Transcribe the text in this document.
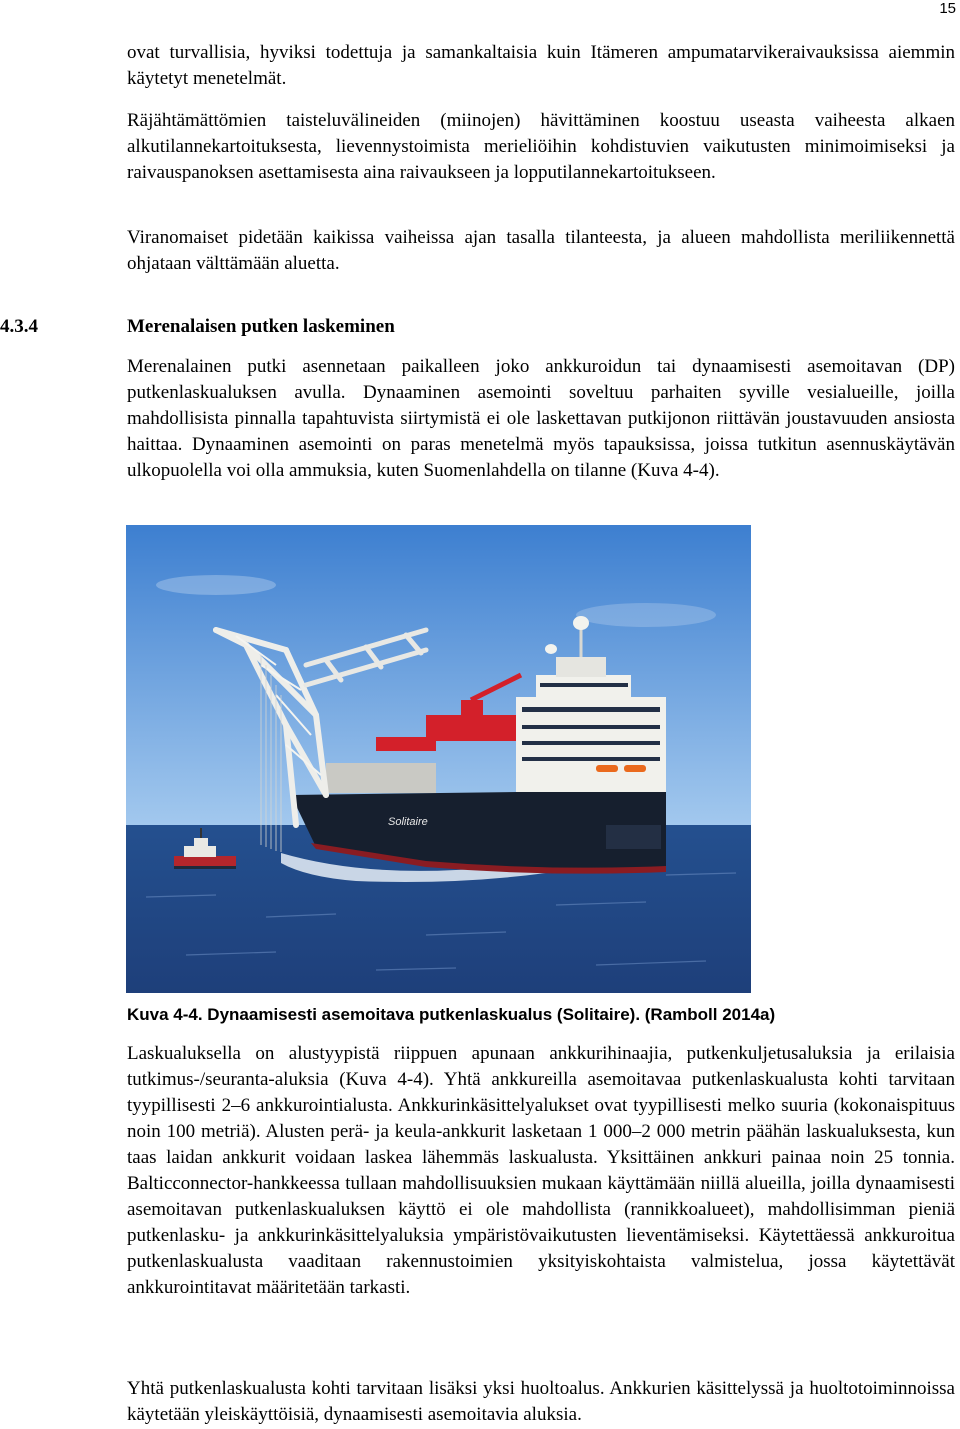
15

ovat turvallisia, hyviksi todettuja ja samankaltaisia kuin Itämeren ampumatarvikeraivauksissa aiemmin käytetyt menetelmät.

Räjähtämättömien taisteluvälineiden (miinojen) hävittäminen koostuu useasta vaiheesta alkaen alkutilannekartoituksesta, lievennystoimista merieliöihin kohdistuvien vaikutusten minimoimiseksi ja raivauspanoksen asettamisesta aina raivaukseen ja lopputilannekartoitukseen.

Viranomaiset pidetään kaikissa vaiheissa ajan tasalla tilanteesta, ja alueen mahdollista meriliikennettä ohjataan välttämään aluetta.

4.3.4	Merenalaisen putken laskeminen

Merenalainen putki asennetaan paikalleen joko ankkuroidun tai dynaamisesti asemoitavan (DP) putkenlaskualuksen avulla. Dynaaminen asemointi soveltuu parhaiten syville vesialueille, joilla mahdollisista pinnalla tapahtuvista siirtymistä ei ole laskettavan putkijonon riittävän joustavuuden ansiosta haittaa. Dynaaminen asemointi on paras menetelmä myös tapauksissa, joissa tutkitun asennuskäytävän ulkopuolella voi olla ammuksia, kuten Suomenlahdella on tilanne (Kuva 4-4).

Solitaire
Kuva 4-4. Dynaamisesti asemoitava putkenlaskualus (Solitaire). (Ramboll 2014a)

Laskualuksella on alustyypistä riippuen apunaan ankkurihinaajia, putkenkuljetusaluksia ja erilaisia tutkimus-/seuranta-aluksia (Kuva 4-4). Yhtä ankkureilla asemoitavaa putkenlaskualusta kohti tarvitaan tyypillisesti 2–6 ankkurointialusta. Ankkurinkäsittelyalukset ovat tyypillisesti melko suuria (kokonaispituus noin 100 metriä). Alusten perä- ja keula-ankkurit lasketaan 1 000–2 000 metrin päähän laskualuksesta, kun taas laidan ankkurit voidaan laskea lähemmäs laskualusta. Yksittäinen ankkuri painaa noin 25 tonnia. Balticconnector-hankkeessa tullaan mahdollisuuksien mukaan käyttämään niillä alueilla, joilla dynaamisesti asemoitavan putkenlaskualuksen käyttö ei ole mahdollista (rannikkoalueet), mahdollisimman pieniä putkenlasku- ja ankkurinkäsittelyaluksia ympäristövaikutusten lieventämiseksi. Käytettäessä ankkuroitua putkenlaskualusta vaaditaan rakennustoimien yksityiskohtaista valmistelua, jossa käytettävät ankkurointitavat määritetään tarkasti.

Yhtä putkenlaskualusta kohti tarvitaan lisäksi yksi huoltoalus. Ankkurien käsittelyssä ja huoltotoiminnoissa käytetään yleiskäyttöisiä, dynaamisesti asemoitavia aluksia.
